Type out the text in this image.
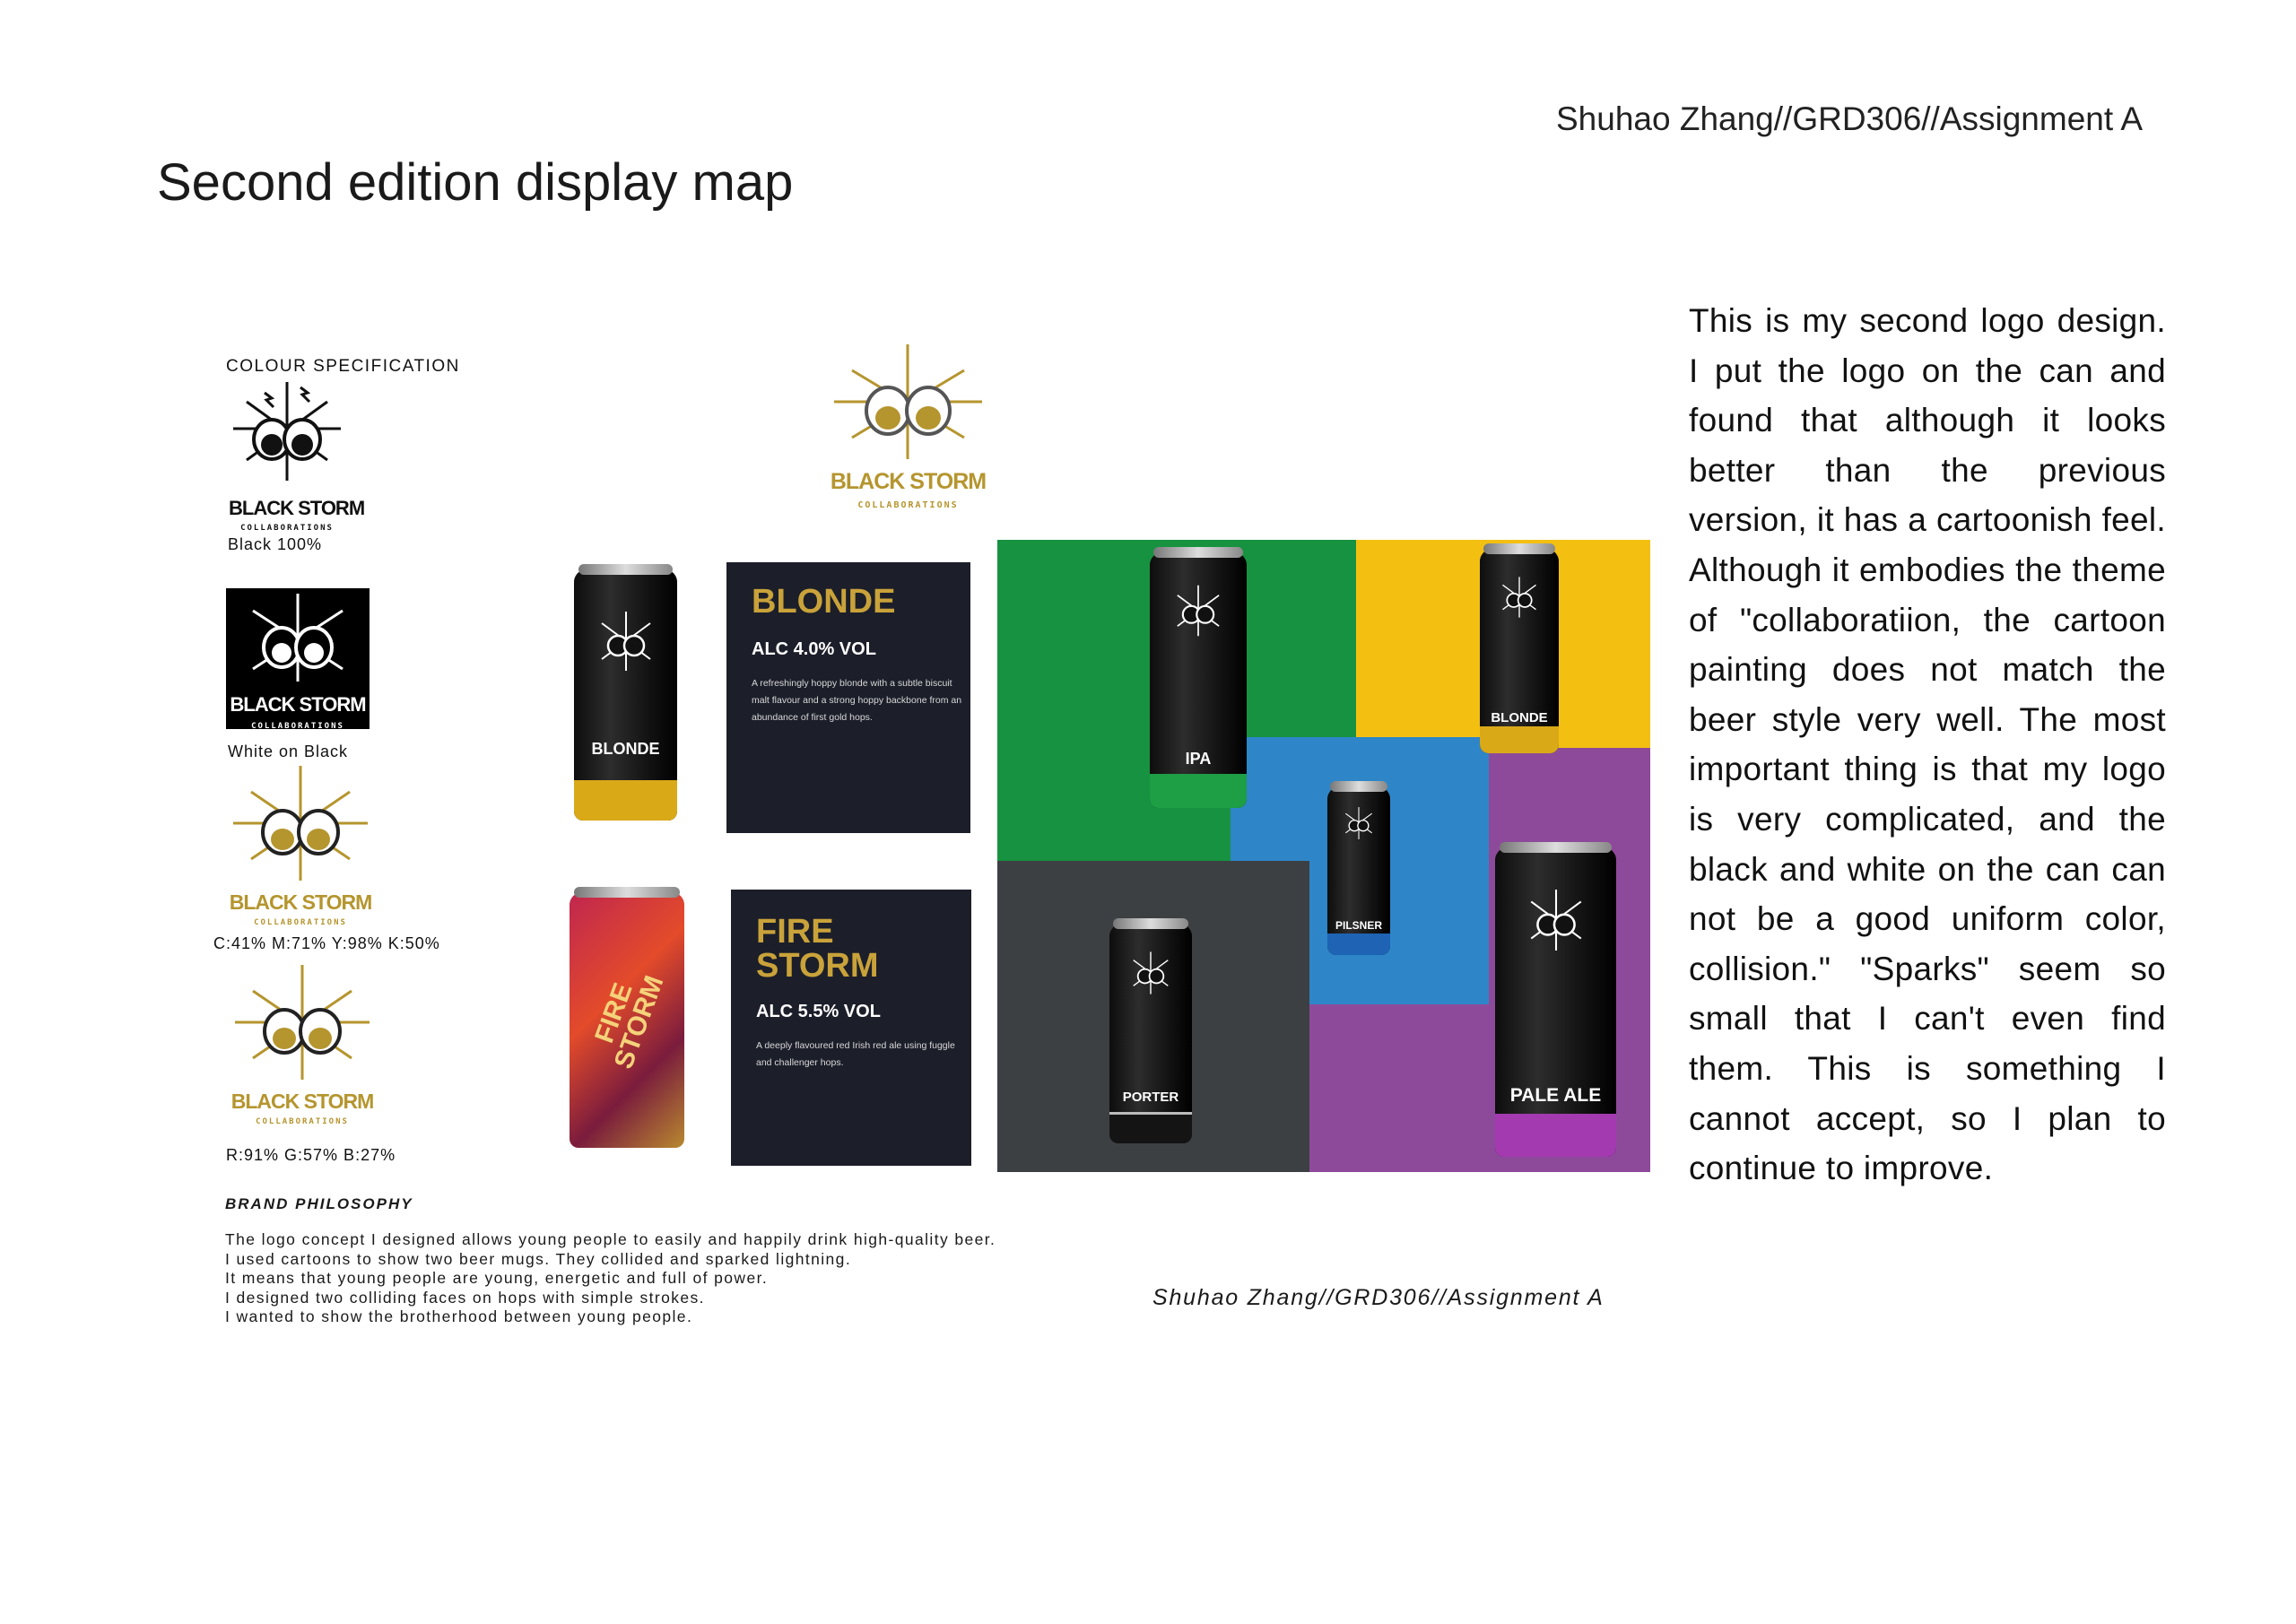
Shuhao Zhang//GRD306//Assignment A
Second edition display map
COLOUR SPECIFICATION
BLACK STORM
COLLABORATIONS
Black 100%
BLACK STORM
COLLABORATIONS
White on Black
BLACK STORM
COLLABORATIONS
C:41% M:71% Y:98% K:50%
BLACK STORM
COLLABORATIONS
R:91% G:57% B:27%
BLACK STORM
COLLABORATIONS
BLONDE
BLONDE
ALC 4.0% VOL
A refreshingly hoppy blonde with a subtle biscuit malt flavour and a strong hoppy backbone from an abundance of first gold hops.
FIRE STORM
FIRE
STORM
ALC 5.5% VOL
A deeply flavoured red Irish red ale using fuggle and challenger hops.
IPA
BLONDE
PILSNER
PORTER	PALE ALE
This is my second logo design. I put the logo on the can and found that although it looks better than the previous version, it has a cartoonish feel. Although it embodies the theme of "collaboratiion, the cartoon painting does not match the beer style very well. The most important thing is that my logo is very complicated, and the black and white on the can can not be a good uniform color, collision." "Sparks" seem so small that I can't even find them. This is something I cannot accept, so I plan to continue to improve.
BRAND PHILOSOPHY
The logo concept I designed allows young people to easily and happily drink high-quality beer.
I used cartoons to show two beer mugs. They collided and sparked lightning.
It means that young people are young, energetic and full of power.
I designed two colliding faces on hops with simple strokes.
I wanted to show the brotherhood between young people.
Shuhao Zhang//GRD306//Assignment A
